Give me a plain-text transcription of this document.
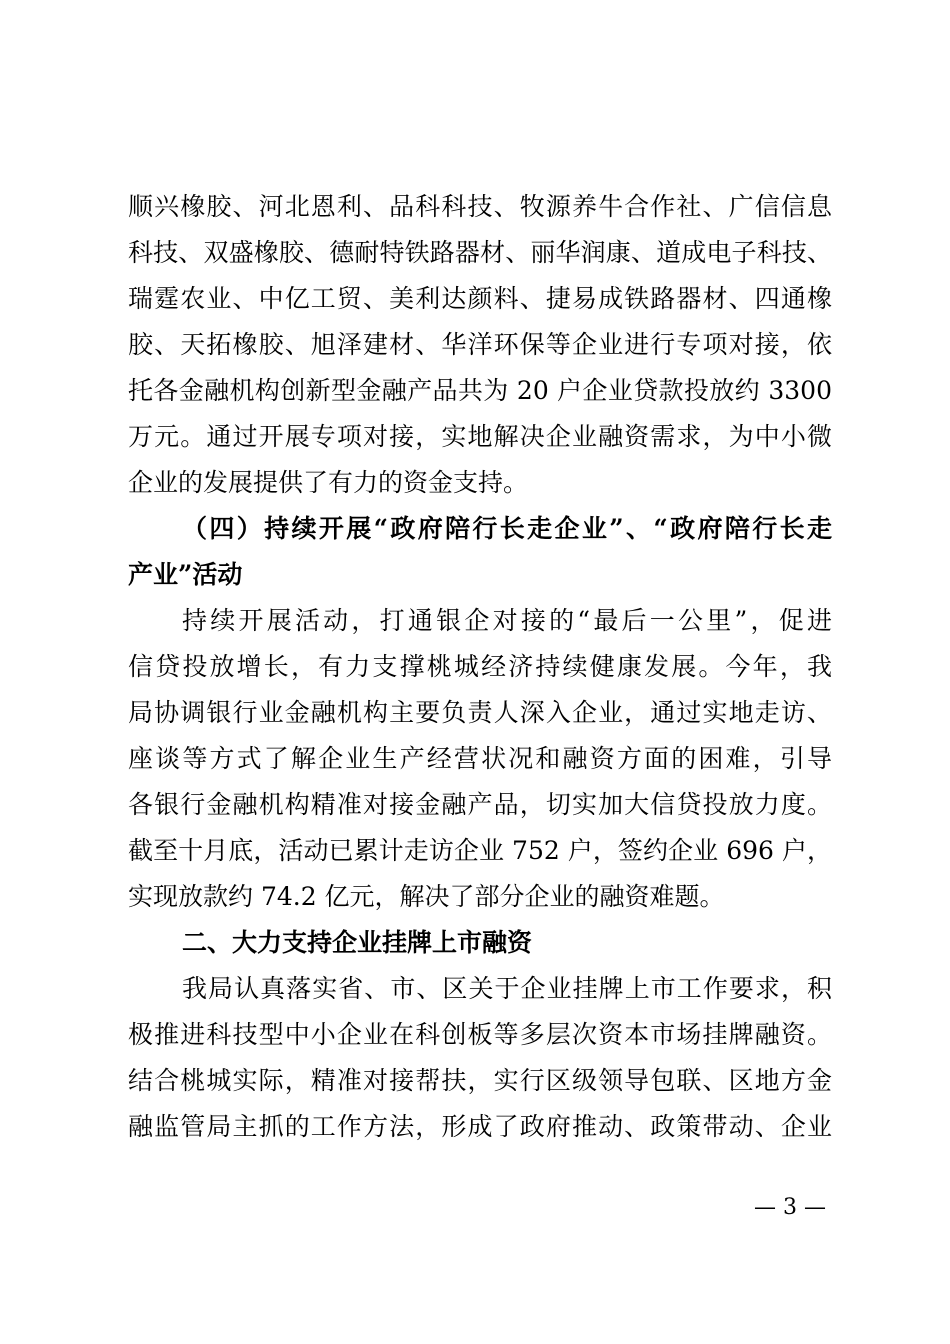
顺兴橡胶、河北恩利、品科科技、牧源养牛合作社、广信信息
科技、双盛橡胶、德耐特铁路器材、丽华润康、道成电子科技、
瑞霆农业、中亿工贸、美利达颜料、捷易成铁路器材、四通橡
胶、天拓橡胶、旭泽建材、华洋环保等企业进行专项对接，依
托各金融机构创新型金融产品共为 20 户企业贷款投放约 3300
万元。通过开展专项对接，实地解决企业融资需求，为中小微
企业的发展提供了有力的资金支持。
（四）持续开展“政府陪行长走企业”、“政府陪行长走
产业”活动
持续开展活动，打通银企对接的“最后一公里”，促进
信贷投放增长，有力支撑桃城经济持续健康发展。今年，我
局协调银行业金融机构主要负责人深入企业，通过实地走访、
座谈等方式了解企业生产经营状况和融资方面的困难，引导
各银行金融机构精准对接金融产品，切实加大信贷投放力度。
截至十月底，活动已累计走访企业 752 户，签约企业 696 户，
实现放款约 74.2 亿元，解决了部分企业的融资难题。
二、大力支持企业挂牌上市融资
我局认真落实省、市、区关于企业挂牌上市工作要求，积
极推进科技型中小企业在科创板等多层次资本市场挂牌融资。
结合桃城实际，精准对接帮扶，实行区级领导包联、区地方金
融监管局主抓的工作方法，形成了政府推动、政策带动、企业
— 3 —
